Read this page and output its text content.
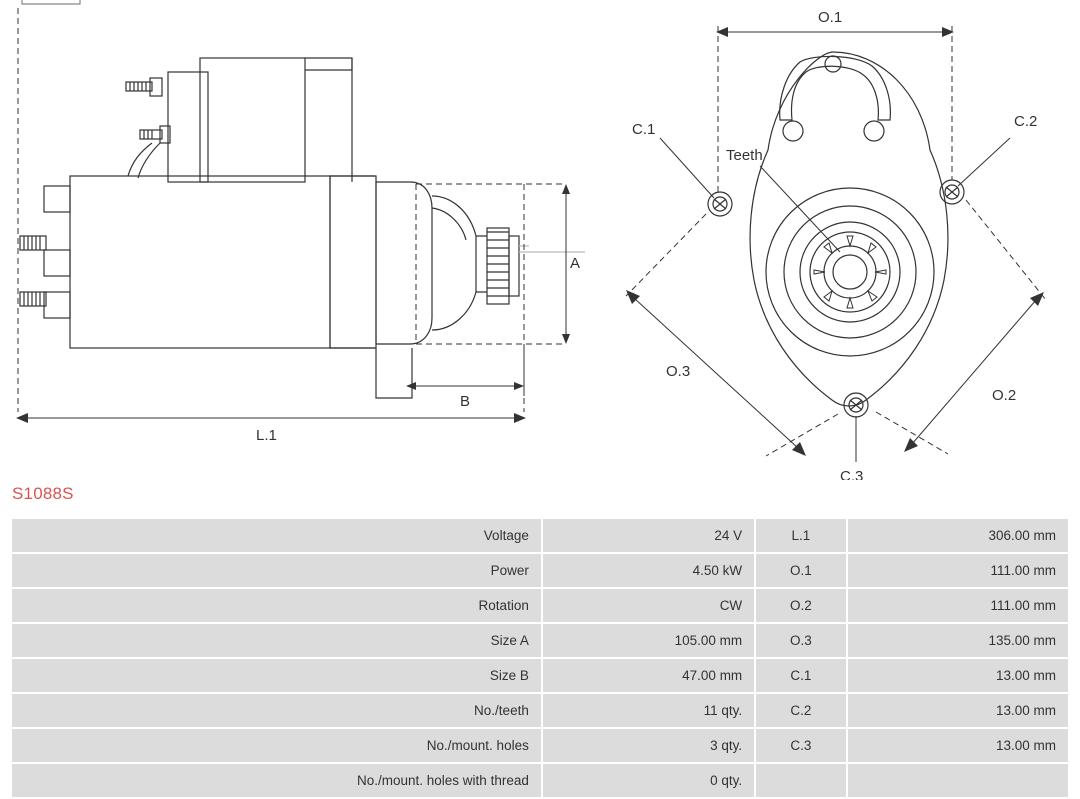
A
B
L.1
O.1
O.2
O.3
C.1	C.2
C.3
Teeth
S1088S
Voltage	24 V	L.1	306.00 mm
Power	4.50 kW	O.1	111.00 mm
Rotation	CW	O.2	111.00 mm
Size A	105.00 mm	O.3	135.00 mm
Size B	47.00 mm	C.1	13.00 mm
No./teeth	11 qty.	C.2	13.00 mm
No./mount. holes	3 qty.	C.3	13.00 mm
No./mount. holes with thread	0 qty.		
